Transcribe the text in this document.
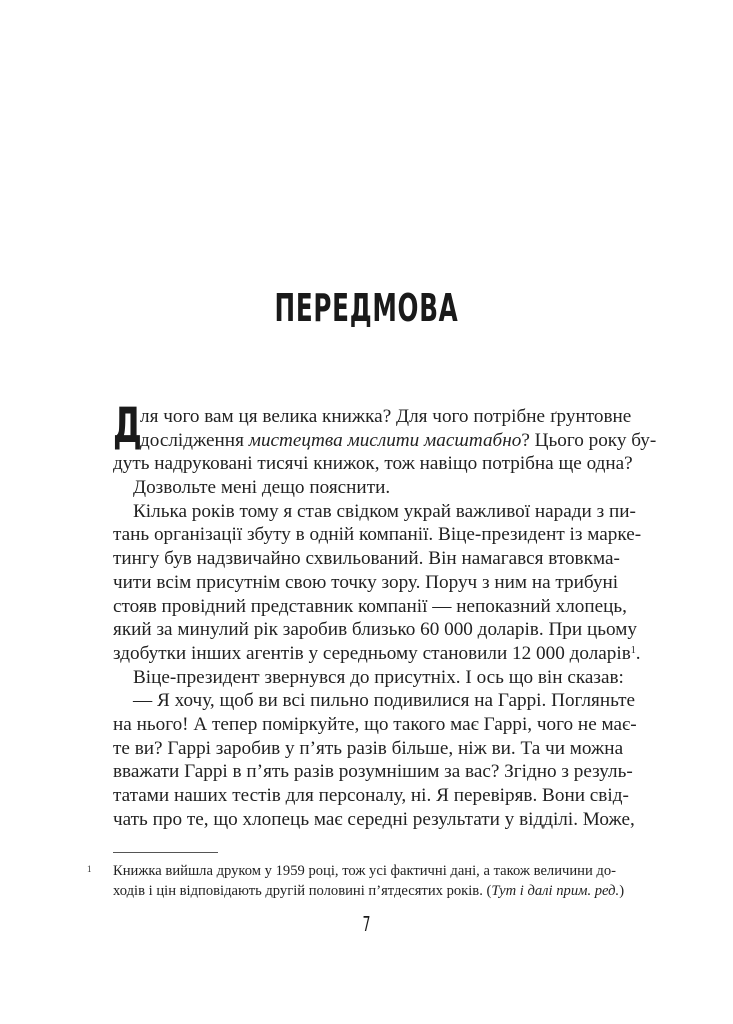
ПЕРЕДМОВА
Д
ля чого вам ця велика книжка? Для чого потрібне ґрунтовне
дослідження мистецтва мислити масштабно? Цього року бу-
дуть надруковані тисячі книжок, тож навіщо потрібна ще одна?
Дозвольте мені дещо пояснити.
Кілька років тому я став свідком украй важливої наради з пи-
тань організації збуту в одній компанії. Віце-президент із марке-
тингу був надзвичайно схвильований. Він намагався втовкма-
чити всім присутнім свою точку зору. Поруч з ним на трибуні
стояв провідний представник компанії — непоказний хлопець,
який за минулий рік заробив близько 60 000 доларів. При цьому
здобутки інших агентів у середньому становили 12 000 доларів$^1$.
Віце-президент звернувся до присутніх. І ось що він сказав:
— Я хочу, щоб ви всі пильно подивилися на Гаррі. Погляньте
на нього! А тепер поміркуйте, що такого має Гаррі, чого не має-
те ви? Гаррі заробив у п’ять разів більше, ніж ви. Та чи можна
вважати Гаррі в п’ять разів розумнішим за вас? Згідно з резуль-
татами наших тестів для персоналу, ні. Я перевіряв. Вони свід-
чать про те, що хлопець має середні результати у відділі. Може,
1 Книжка вийшла друком у 1959 році, тож усі фактичні дані, а також величини до-
ходів і цін відповідають другій половині п’ятдесятих років. (Тут і далі прим. ред.)
7
